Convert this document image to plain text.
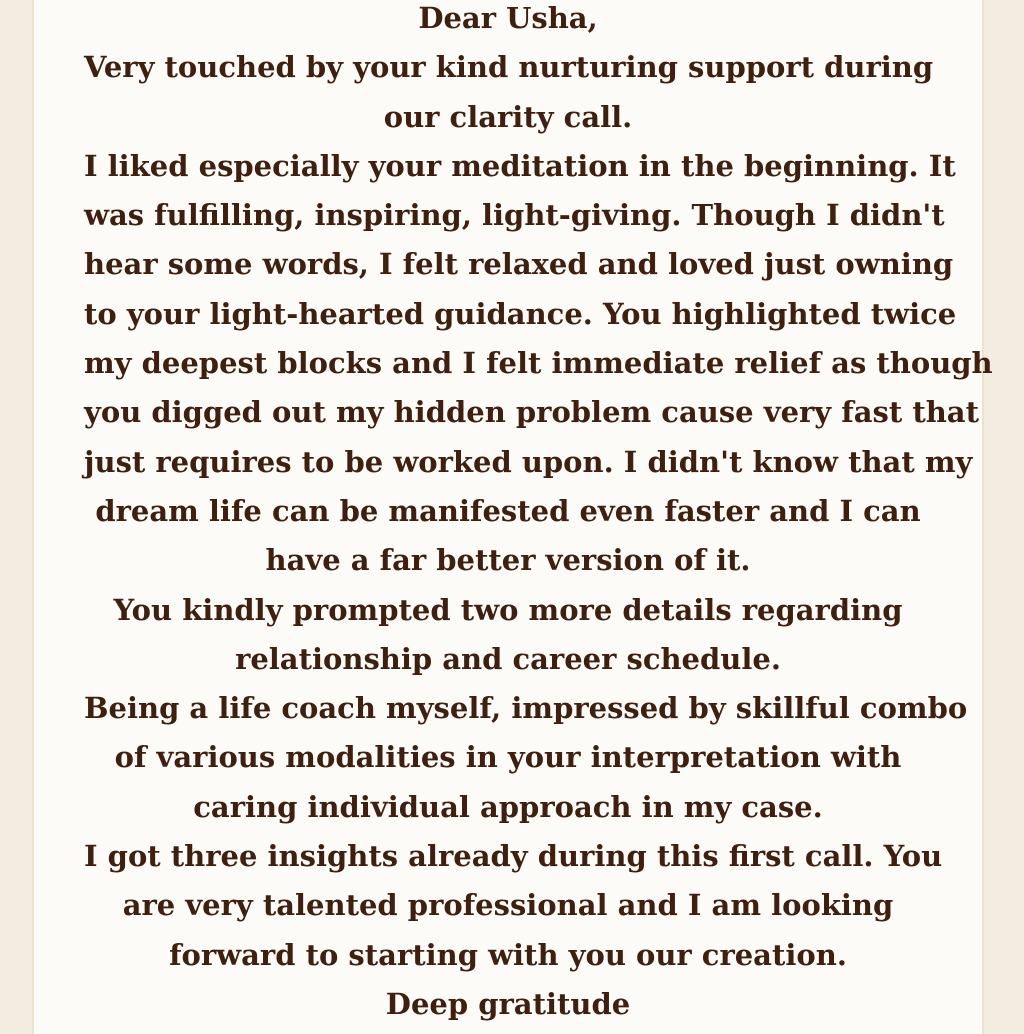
Dear Usha,
Very touched by your kind nurturing support during
our clarity call.
I liked especially your meditation in the beginning. It
was fulfilling, inspiring, light-giving. Though I didn't
hear some words, I felt relaxed and loved just owning
to your light-hearted guidance. You highlighted twice
my deepest blocks and I felt immediate relief as though
you digged out my hidden problem cause very fast that
just requires to be worked upon. I didn't know that my
dream life can be manifested even faster and I can
have a far better version of it.
You kindly prompted two more details regarding
relationship and career schedule.
Being a life coach myself, impressed by skillful combo
of various modalities in your interpretation with
caring individual approach in my case.
I got three insights already during this first call. You
are very talented professional and I am looking
forward to starting with you our creation.
Deep gratitude
